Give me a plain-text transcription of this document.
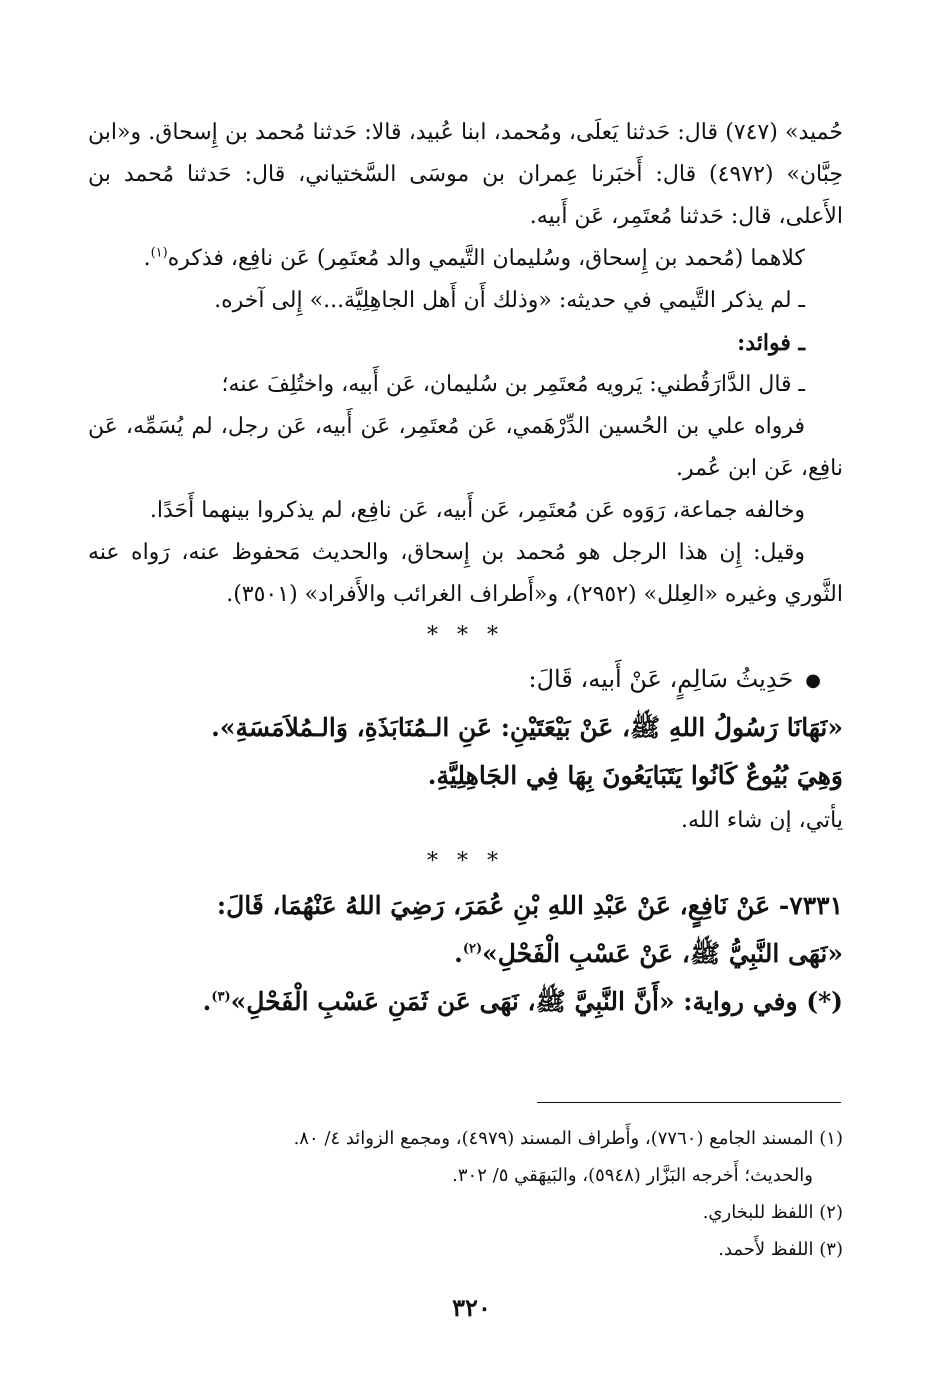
حُميد» (٧٤٧) قال: حَدثنا يَعلَى، ومُحمد، ابنا عُبيد، قالا: حَدثنا مُحمد بن إِسحاق. و«ابن حِبَّان» (٤٩٧٢) قال: أَخبَرنا عِمران بن موسَى السَّختياني، قال: حَدثنا مُحمد بن الأَعلى، قال: حَدثنا مُعتَمِر، عَن أَبيه.

كلاهما (مُحمد بن إِسحاق، وسُليمان التَّيمي والد مُعتَمِر) عَن نافِع، فذكره$^{(١)}$.

ـ لم يذكر التَّيمي في حديثه: «وذلك أَن أَهل الجاهِلِيَّة...» إِلى آخره.

ـ فوائد:

ـ قال الدَّارَقُطني: يَرويه مُعتَمِر بن سُليمان، عَن أَبيه، واختُلِفَ عنه؛

فرواه علي بن الحُسين الدِّرْهَمي، عَن مُعتَمِر، عَن أَبيه، عَن رجل، لم يُسَمِّه، عَن نافِع، عَن ابن عُمر.

وخالفه جماعة، رَوَوه عَن مُعتَمِر، عَن أَبيه، عَن نافِع، لم يذكروا بينهما أَحَدًا.

وقيل: إِن هذا الرجل هو مُحمد بن إِسحاق، والحديث مَحفوظ عنه، رَواه عنه الثَّوري وغيره «العِلل» (٢٩٥٢)، و«أَطراف الغرائب والأَفراد» (٣٥٠١).

* * *

●حَدِيثُ سَالِمٍ، عَنْ أَبيه، قَالَ:

«نَهَانَا رَسُولُ اللهِ ﷺ، عَنْ بَيْعَتَيْنِ: عَنِ الـمُنَابَذَةِ، وَالـمُلاَمَسَةِ».

وَهِيَ بُيُوعٌ كَانُوا يَتَبَايَعُونَ بِهَا فِي الجَاهِلِيَّةِ.

يأتي، إن شاء الله.

* * *

٧٣٣١- عَنْ نَافِعٍ، عَنْ عَبْدِ اللهِ بْنِ عُمَرَ، رَضِيَ اللهُ عَنْهُمَا، قَالَ:

«نَهَى النَّبِيُّ ﷺ، عَنْ عَسْبِ الْفَحْلِ»$^{(٢)}$.

(*) وفي رواية: «أَنَّ النَّبِيَّ ﷺ، نَهَى عَن ثَمَنِ عَسْبِ الْفَحْلِ»$^{(٣)}$.

(١) المسند الجامع (٧٧٦٠)، وأَطراف المسند (٤٩٧٩)، ومجمع الزوائد ٤/ ٨٠.

والحديث؛ أَخرجه البَزَّار (٥٩٤٨)، والبَيهَقي ٥/ ٣٠٢.

(٢) اللفظ للبخاري.

(٣) اللفظ لأَحمد.

٣٢٠
